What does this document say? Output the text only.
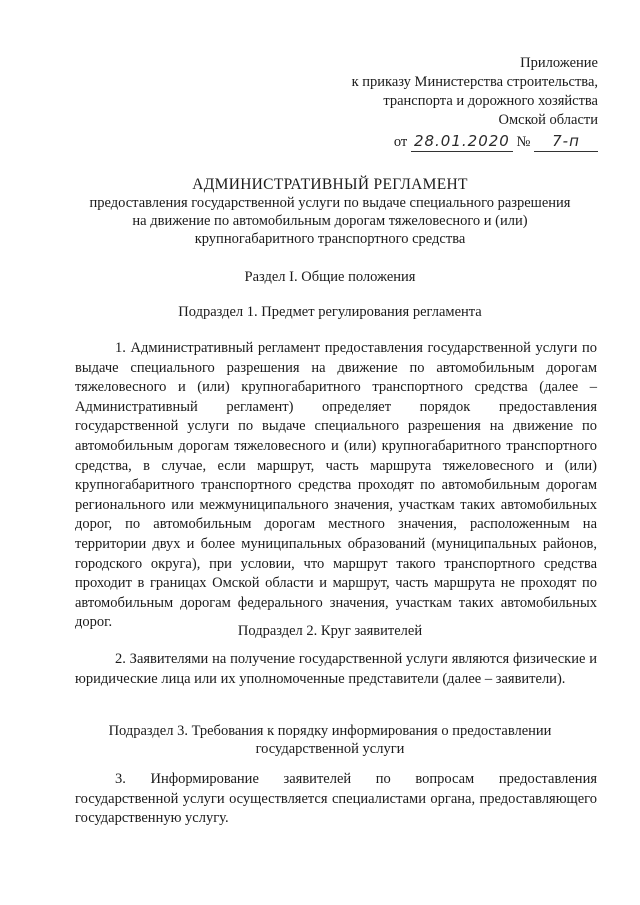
Приложение
к приказу Министерства строительства,
транспорта и дорожного хозяйства
Омской области
от 28.01.2020 № 7-п
АДМИНИСТРАТИВНЫЙ РЕГЛАМЕНТ
предоставления государственной услуги по выдаче специального разрешения
на движение по автомобильным дорогам тяжеловесного и (или)
крупногабаритного транспортного средства
Раздел I. Общие положения
Подраздел 1. Предмет регулирования регламента
1. Административный регламент предоставления государственной услуги по выдаче специального разрешения на движение по автомобильным дорогам тяжеловесного и (или) крупногабаритного транспортного средства (далее – Административный регламент) определяет порядок предоставления государственной услуги по выдаче специального разрешения на движение по автомобильным дорогам тяжеловесного и (или) крупногабаритного транспортного средства, в случае, если маршрут, часть маршрута тяжеловесного и (или) крупногабаритного транспортного средства проходят по автомобильным дорогам регионального или межмуниципального значения, участкам таких автомобильных дорог, по автомобильным дорогам местного значения, расположенным на территории двух и более муниципальных образований (муниципальных районов, городского округа), при условии, что маршрут такого транспортного средства проходит в границах Омской области и маршрут, часть маршрута не проходят по автомобильным дорогам федерального значения, участкам таких автомобильных дорог.
Подраздел 2. Круг заявителей
2. Заявителями на получение государственной услуги являются физические и юридические лица или их уполномоченные представители (далее – заявители).
Подраздел 3. Требования к порядку информирования о предоставлении государственной услуги
3. Информирование заявителей по вопросам предоставления государственной услуги осуществляется специалистами органа, предоставляющего государственную услугу.
